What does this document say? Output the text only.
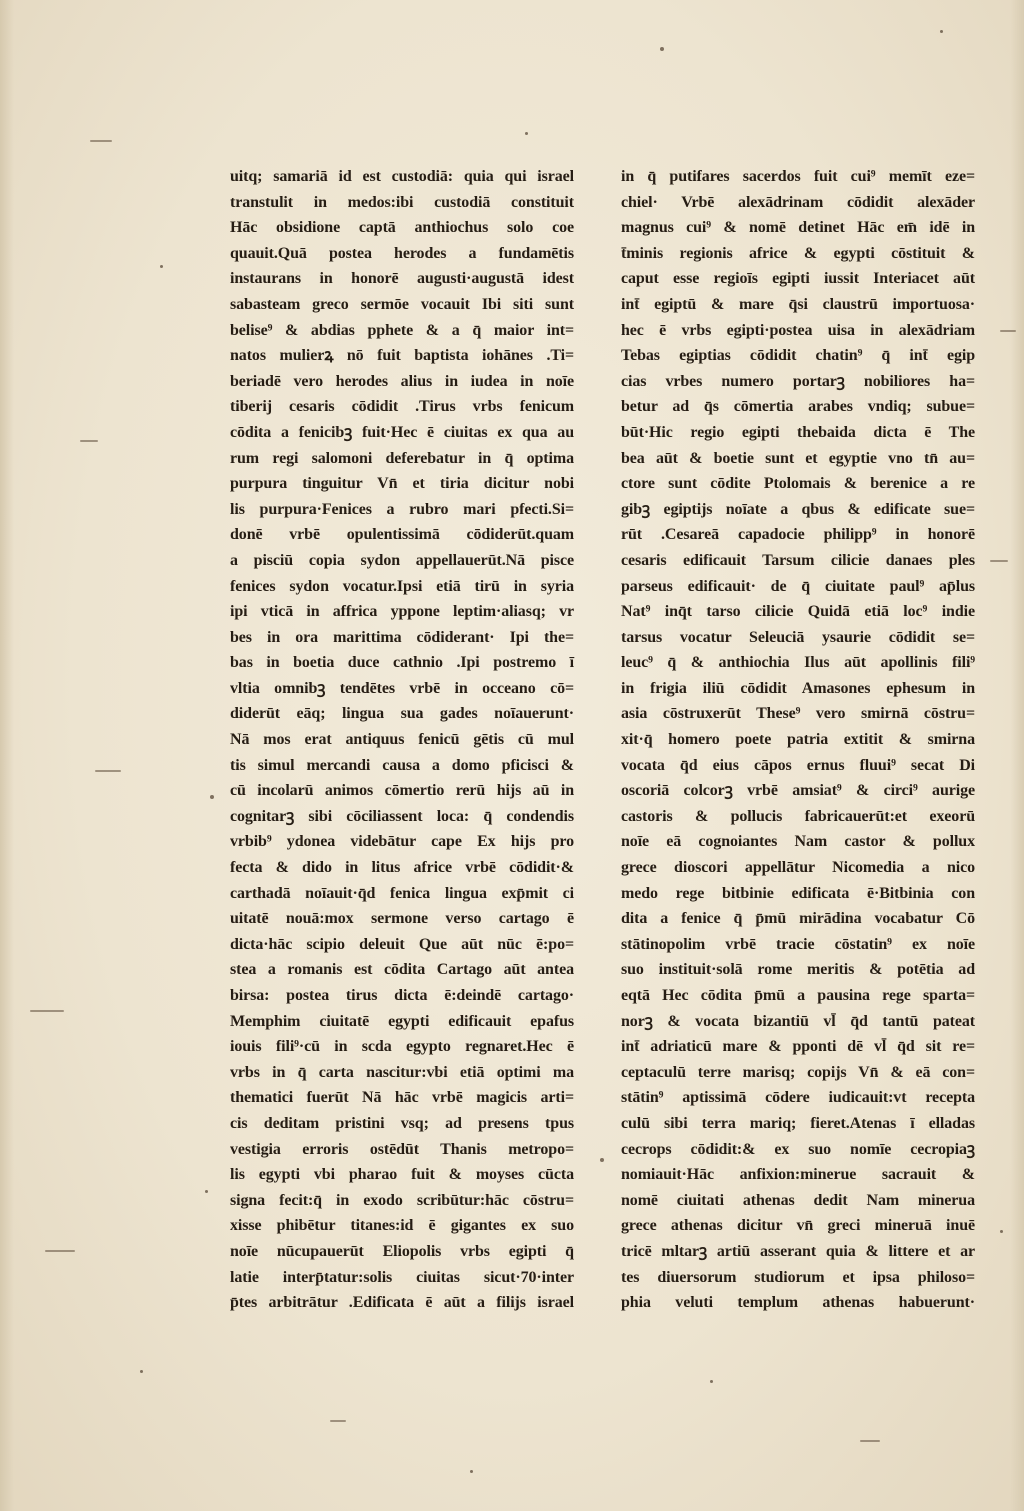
uitq; samariā id est custodiā: quia qui israel
transtulit in medos:ibi custodiā constituit
Hāc obsidione captā anthiochus solo coe
quauit.Quā postea herodes a fundamētis
instaurans in honorē augusti·augustā idest
sabasteam greco sermōe vocauit Ibi siti sunt
belise⁹ & abdias pphete & a q̄ maior int=
natos mulierꝝ nō fuit baptista iohānes .Ti=
beriadē vero herodes alius in iudea in noīe
tiberij cesaris cōdidit .Tirus vrbs fenicum
cōdita a fenicibꝫ fuit·Hec ē ciuitas ex qua au
rum regi salomoni deferebatur in q̄ optima
purpura tinguitur Vn̄ et tiria dicitur nobi
lis purpura·Fenices a rubro mari pfecti.Si=
donē vrbē opulentissimā cōdiderūt.quam
a pisciū copia sydon appellauerūt.Nā pisce
fenices sydon vocatur.Ipsi etiā tirū in syria
ipi vticā in affrica yppone leptim·aliasq; vr
bes in ora marittima cōdiderant· Ipi the=
bas in boetia duce cathnio .Ipi postremo ī
vltia omnibꝫ tendētes vrbē in occeano cō=
diderūt eāq; lingua sua gades noīauerunt·
Nā mos erat antiquus fenicū gētis cū mul
tis simul mercandi causa a domo pficisci &
cū incolarū animos cōmertio rerū hijs aū in
cognitarꝫ sibi cōciliassent loca: q̄ condendis
vrbib⁹ ydonea videbātur cape Ex hijs pro
fecta & dido in litus africe vrbē cōdidit·&
carthadā noīauit·q̄d fenica lingua exp̄mit ci
uitatē nouā:mox sermone verso cartago ē
dicta·hāc scipio deleuit Que aūt nūc ē:po=
stea a romanis est cōdita Cartago aūt antea
birsa: postea tirus dicta ē:deindē cartago·
Memphim ciuitatē egypti edificauit epafus
iouis fili⁹·cū in scda egypto regnaret.Hec ē
vrbs in q̄ carta nascitur:vbi etiā optimi ma
thematici fuerūt Nā hāc vrbē magicis arti=
cis deditam pristini vsq; ad presens tpus
vestigia erroris ostēdūt Thanis metropo=
lis egypti vbi pharao fuit & moyses cūcta
signa fecit:q̄ in exodo scribūtur:hāc cōstru=
xisse phibētur titanes:id ē gigantes ex suo
noīe nūcupauerūt Eliopolis vrbs egipti q̄
latie interp̄tatur:solis ciuitas sicut·70·inter
p̄tes arbitrātur .Edificata ē aūt a filijs israel
in q̄ putifares sacerdos fuit cui⁹ memīt eze=
chiel· Vrbē alexādrinam cōdidit alexāder
magnus cui⁹ & nomē detinet Hāc em̄ idē in
t̄minis regionis africe & egypti cōstituit &
caput esse regioīs egipti iussit Interiacet aūt
int̄ egiptū & mare q̄si claustrū importuosa·
hec ē vrbs egipti·postea uisa in alexādriam
Tebas egiptias cōdidit chatin⁹ q̄ int̄ egip
cias vrbes numero portarꝫ nobiliores ha=
betur ad q̄s cōmertia arabes vndiq; subue=
būt·Hic regio egipti thebaida dicta ē The
bea aūt & boetie sunt et egyptie vno tn̄ au=
ctore sunt cōdite Ptolomais & berenice a re
gibꝫ egiptijs noīate a qbus & edificate sue=
rūt .Cesareā capadocie philipp⁹ in honorē
cesaris edificauit Tarsum cilicie danaes ples
parseus edificauit· de q̄ ciuitate paul⁹ ap̄lus
Nat⁹ inq̄t tarso cilicie Quidā etiā loc⁹ indie
tarsus vocatur Seleuciā ysaurie cōdidit se=
leuc⁹ q̄ & anthiochia Ilus aūt apollinis fili⁹
in frigia iliū cōdidit Amasones ephesum in
asia cōstruxerūt These⁹ vero smirnā cōstru=
xit·q̄ homero poete patria extitit & smirna
vocata q̄d eius cāpos ernus fluui⁹ secat Di
oscoriā colcorꝫ vrbē amsiat⁹ & circi⁹ aurige
castoris & pollucis fabricauerūt:et exeorū
noīe eā cognoiantes Nam castor & pollux
grece dioscori appellātur Nicomedia a nico
medo rege bitbinie edificata ē·Bitbinia con
dita a fenice q̄ p̄mū mirādina vocabatur Cō
stātinopolim vrbē tracie cōstatin⁹ ex noīe
suo instituit·solā rome meritis & potētia ad
eqtā Hec cōdita p̄mū a pausina rege sparta=
norꝫ & vocata bizantiū vl̄ q̄d tantū pateat
int̄ adriaticū mare & pponti dē vl̄ q̄d sit re=
ceptaculū terre marisq; copijs Vn̄ & eā con=
stātin⁹ aptissimā cōdere iudicauit:vt recepta
culū sibi terra mariq; fieret.Atenas ī elladas
cecrops cōdidit:& ex suo nomīe cecropiaꝫ
nomiauit·Hāc anfixion:minerue sacrauit &
nomē ciuitati athenas dedit Nam minerua
grece athenas dicitur vn̄ greci mineruā inuē
tricē mltarꝫ artiū asserant quia & littere et ar
tes diuersorum studiorum et ipsa philoso=
phia veluti templum athenas habuerunt·
